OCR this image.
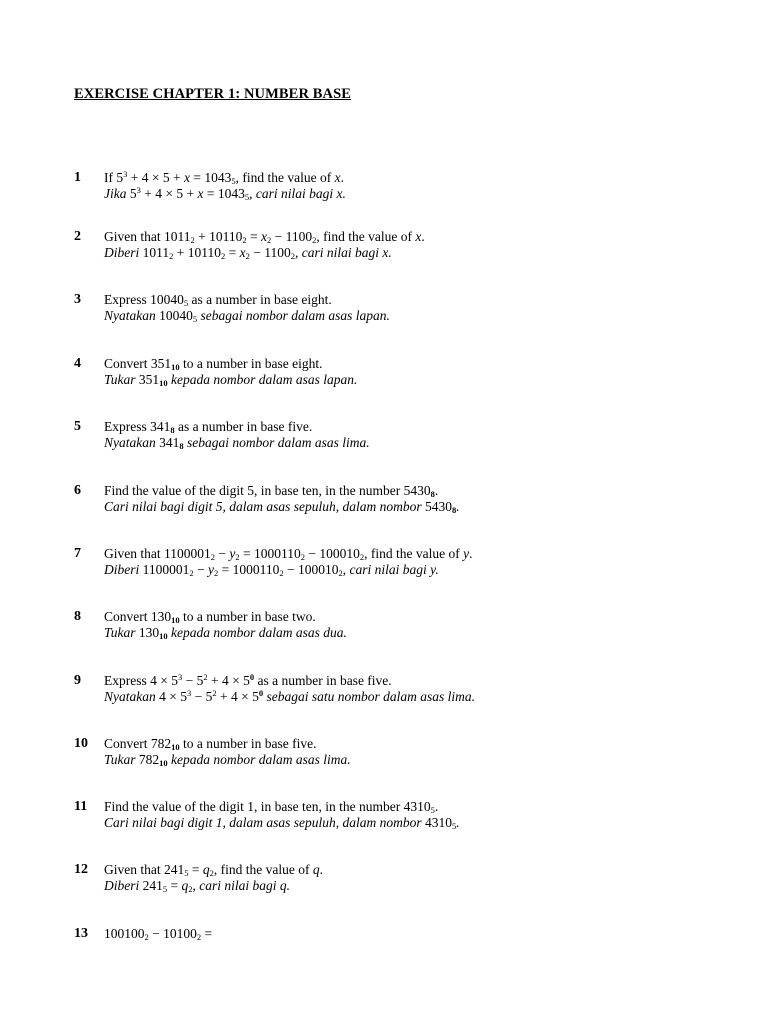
EXERCISE CHAPTER 1: NUMBER BASE
1 If $5^3 + 4 \times 5 + x = 1043_5$, find the value of x.
Jika $5^3 + 4 \times 5 + x = 1043_5$, cari nilai bagi x.
2 Given that $1011_2 + 10110_2 = x_2 - 1100_2$, find the value of x.
Diberi $1011_2 + 10110_2 = x_2 - 1100_2$, cari nilai bagi x.
3 Express $10040_5$ as a number in base eight.
Nyatakan $10040_5$ sebagai nombor dalam asas lapan.
4 Convert $351_{10}$ to a number in base eight.
Tukar $351_{10}$ kepada nombor dalam asas lapan.
5 Express $341_8$ as a number in base five.
Nyatakan $341_8$ sebagai nombor dalam asas lima.
6 Find the value of the digit 5, in base ten, in the number $5430_8$.
Cari nilai bagi digit 5, dalam asas sepuluh, dalam nombor $5430_8$.
7 Given that $1100001_2 - y_2 = 1000110_2 - 100010_2$, find the value of y.
Diberi $1100001_2 - y_2 = 1000110_2 - 100010_2$, cari nilai bagi y.
8 Convert $130_{10}$ to a number in base two.
Tukar $130_{10}$ kepada nombor dalam asas dua.
9 Express $4 \times 5^3 - 5^2 + 4 \times 5^0$ as a number in base five.
Nyatakan $4 \times 5^3 - 5^2 + 4 \times 5^0$ sebagai satu nombor dalam asas lima.
10 Convert $782_{10}$ to a number in base five.
Tukar $782_{10}$ kepada nombor dalam asas lima.
11 Find the value of the digit 1, in base ten, in the number $4310_5$.
Cari nilai bagi digit 1, dalam asas sepuluh, dalam nombor $4310_5$.
12 Given that $241_5 = q_2$, find the value of q.
Diberi $241_5 = q_2$, cari nilai bagi q.
13 $100100_2 - 10100_2$ =
